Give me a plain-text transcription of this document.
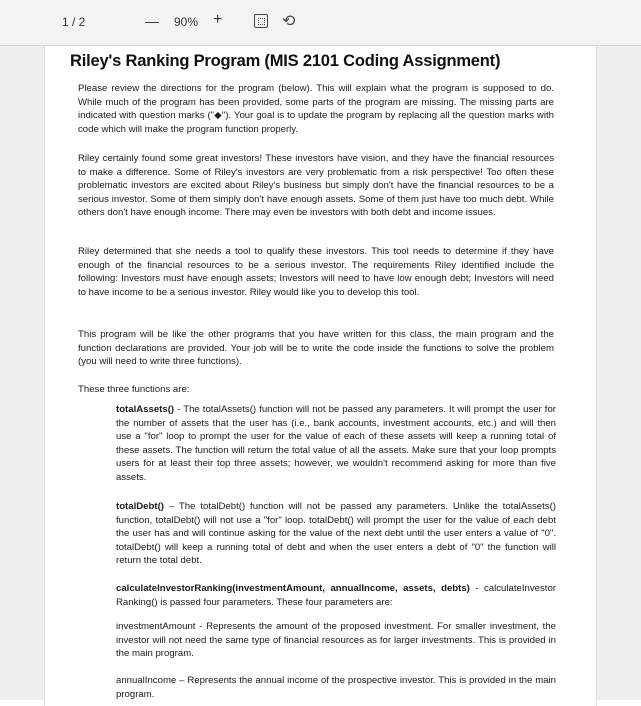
1 / 2	— 90% +	⟲
Riley's Ranking Program (MIS 2101 Coding Assignment)
Please review the directions for the program (below). This will explain what the program is supposed to do. While much of the program has been provided, some parts of the program are missing. The missing parts are indicated with question marks ("◆"). Your goal is to update the program by replacing all the question marks with code which will make the program function properly.
Riley certainly found some great investors! These investors have vision, and they have the financial resources to make a difference. Some of Riley's investors are very problematic from a risk perspective! Too often these problematic investors are excited about Riley's business but simply don't have the financial resources to be a serious investor. Some of them simply don't have enough assets. Some of them just have too much debt. While others don't have enough income. There may even be investors with both debt and income issues.
Riley determined that she needs a tool to qualify these investors. This tool needs to determine if they have enough of the financial resources to be a serious investor. The requirements Riley identified include the following: Investors must have enough assets; Investors will need to have low enough debt; Investors will need to have income to be a serious investor. Riley would like you to develop this tool.
This program will be like the other programs that you have written for this class, the main program and the function declarations are provided. Your job will be to write the code inside the functions to solve the problem (you will need to write three functions).
These three functions are:
totalAssets() - The totalAssets() function will not be passed any parameters. It will prompt the user for the number of assets that the user has (i.e., bank accounts, investment accounts, etc.) and will then use a "for" loop to prompt the user for the value of each of these assets will keep a running total of these assets. The function will return the total value of all the assets. Make sure that your loop prompts users for at least their top three assets; however, we wouldn't recommend asking for more than five assets.
totalDebt() – The totalDebt() function will not be passed any parameters. Unlike the totalAssets() function, totalDebt() will not use a "for" loop. totalDebt() will prompt the user for the value of each debt the user has and will continue asking for the value of the next debt until the user enters a value of "0". totalDebt() will keep a running total of debt and when the user enters a debt of "0" the function will return the total debt.
calculateInvestorRanking(investmentAmount, annualIncome, assets, debts) - calculateInvestor Ranking() is passed four parameters. These four parameters are:
investmentAmount - Represents the amount of the proposed investment. For smaller investment, the investor will not need the same type of financial resources as for larger investments. This is provided in the main program.
annualIncome – Represents the annual income of the prospective investor. This is provided in the main program.
